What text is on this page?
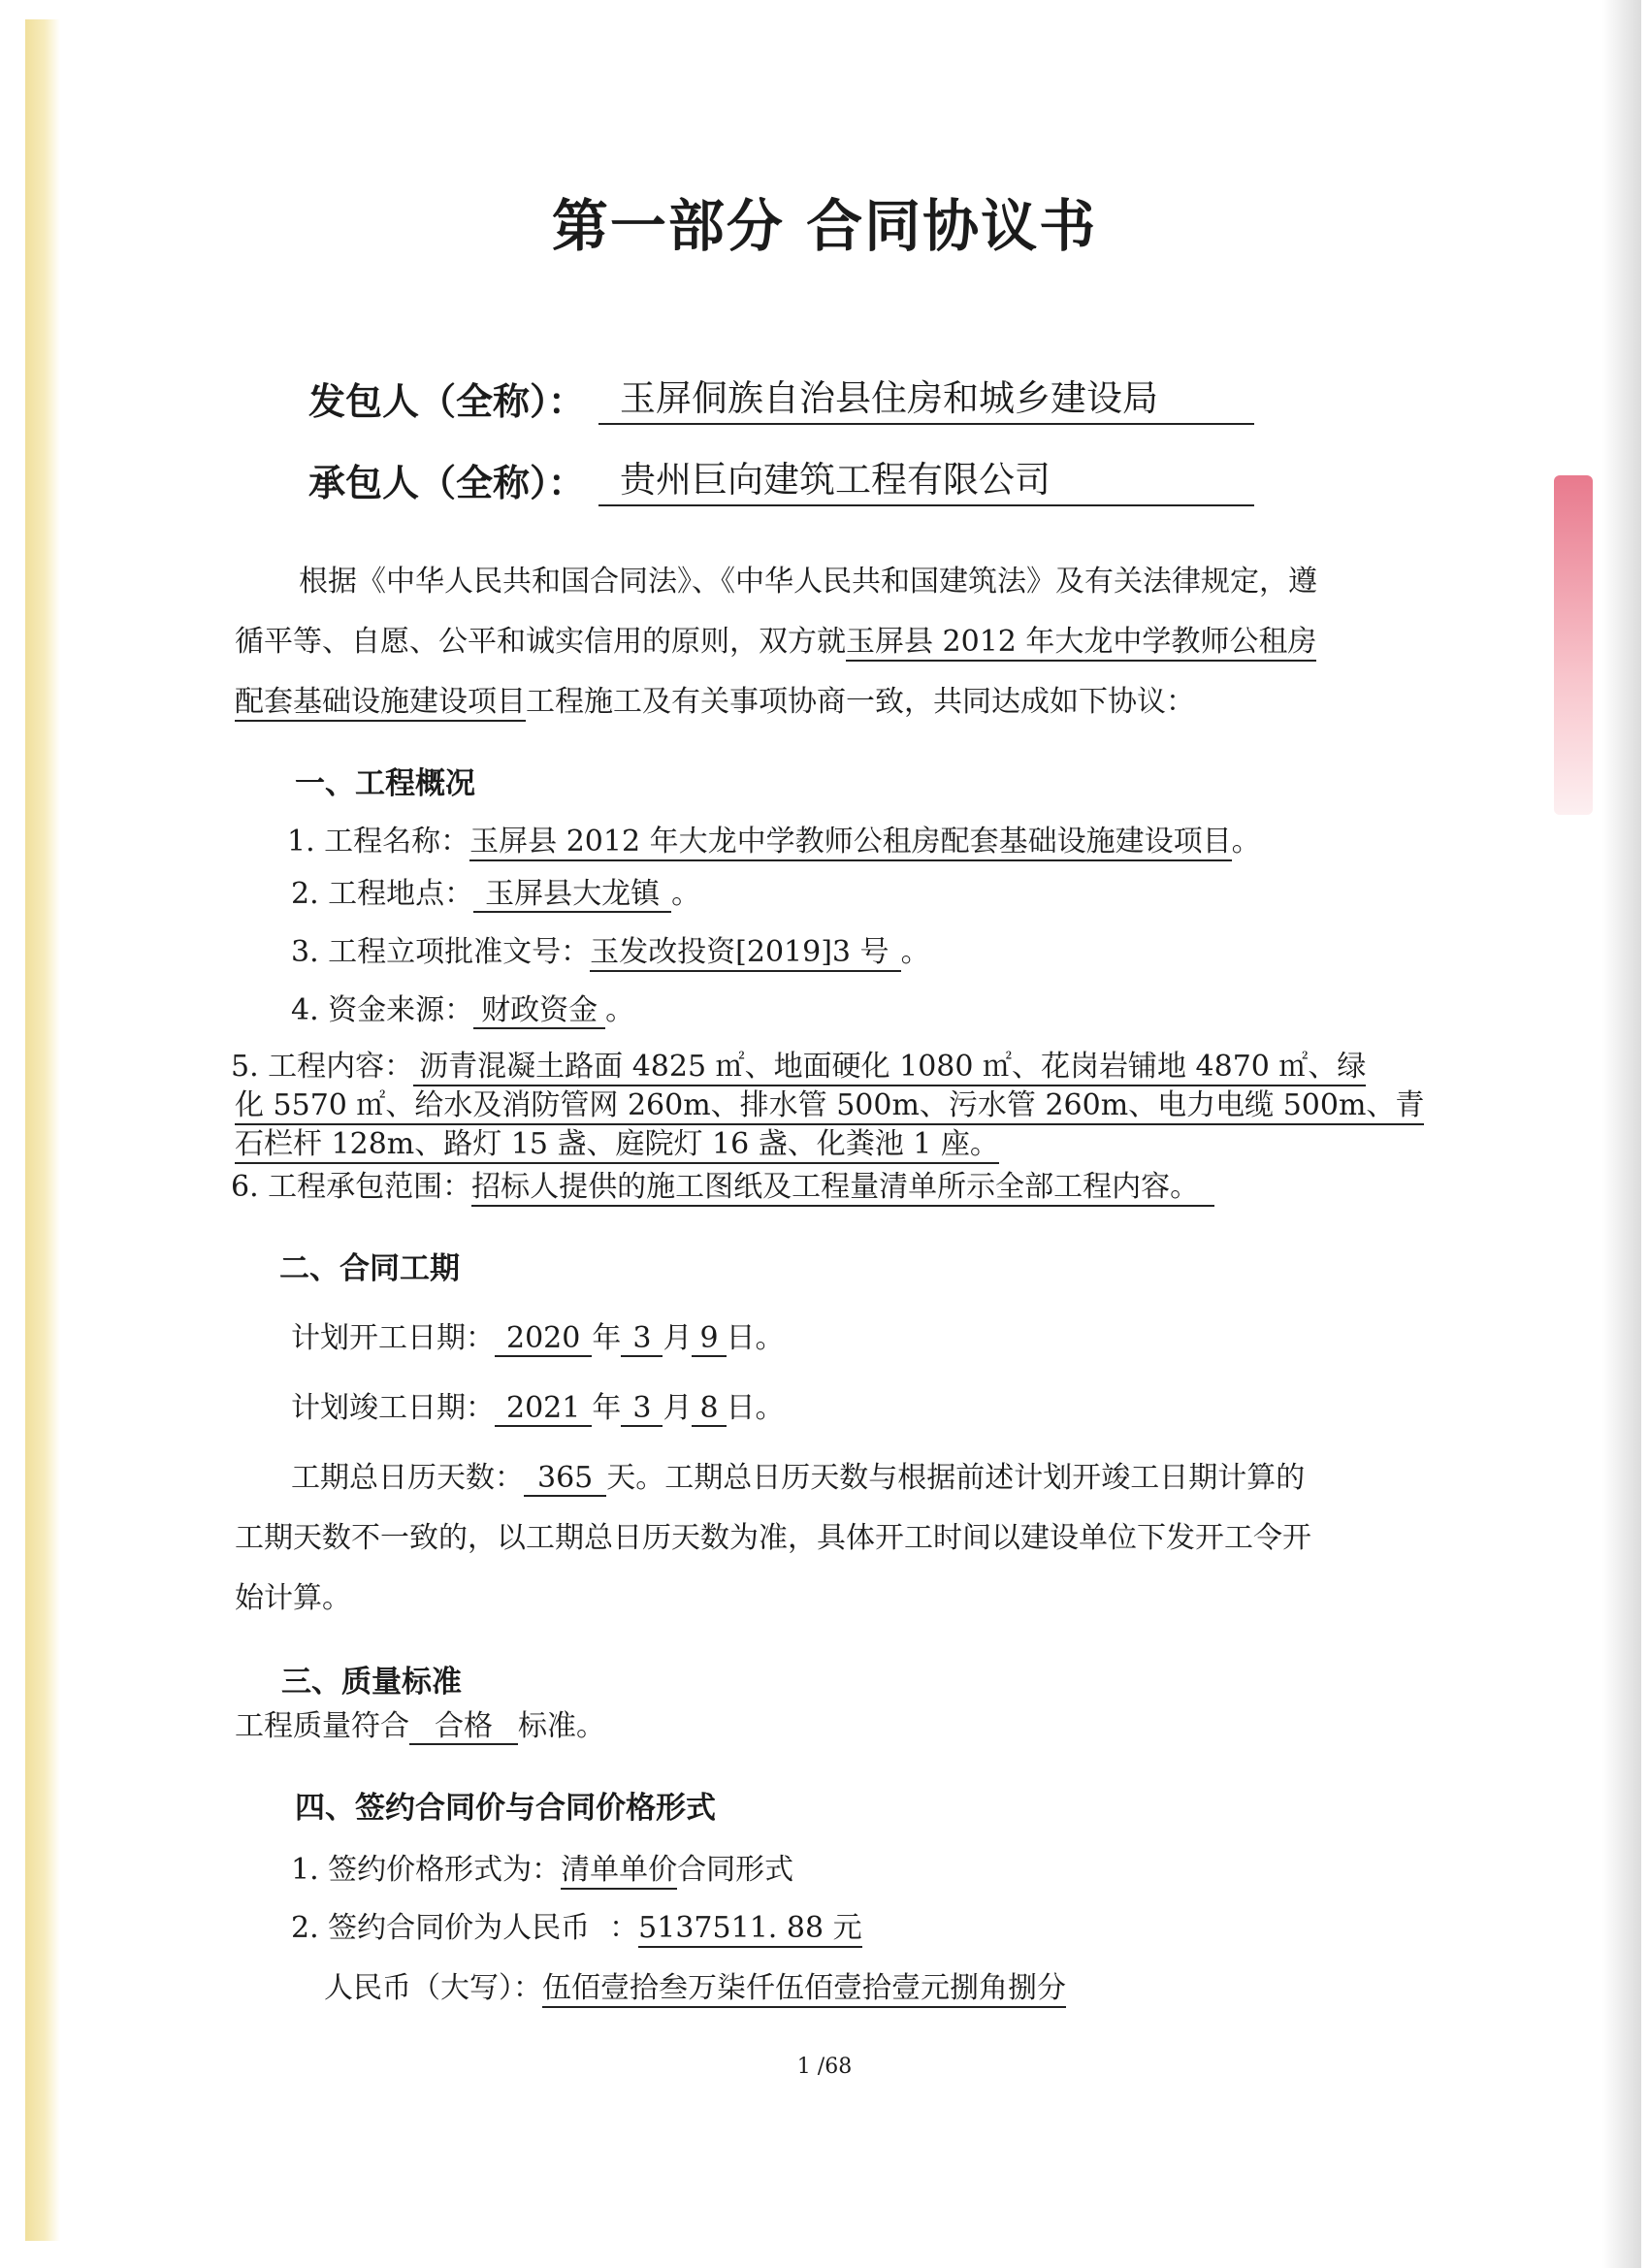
第一部分 合同协议书
发包人（全称）： 玉屏侗族自治县住房和城乡建设局
承包人（全称）： 贵州巨向建筑工程有限公司
根据《中华人民共和国合同法》、《中华人民共和国建筑法》及有关法律规定，遵
循平等、自愿、公平和诚实信用的原则，双方就玉屏县 2012 年大龙中学教师公租房
配套基础设施建设项目工程施工及有关事项协商一致，共同达成如下协议：
一、工程概况
1. 工程名称：玉屏县 2012 年大龙中学教师公租房配套基础设施建设项目。
2. 工程地点： 玉屏县大龙镇 。
3. 工程立项批准文号：玉发改投资[2019]3 号 。
4. 资金来源： 财政资金 。
5. 工程内容： 沥青混凝土路面 4825 ㎡、地面硬化 1080 ㎡、花岗岩铺地 4870 ㎡、绿
化 5570 ㎡、给水及消防管网 260m、排水管 500m、污水管 260m、电力电缆 500m、青
石栏杆 128m、路灯 15 盏、庭院灯 16 盏、化粪池 1 座。
6. 工程承包范围：招标人提供的施工图纸及工程量清单所示全部工程内容。
二、合同工期
计划开工日期： 2020 年 3 月 9 日。
计划竣工日期： 2021 年 3 月 8 日。
工期总日历天数： 365 天。工期总日历天数与根据前述计划开竣工日期计算的
工期天数不一致的，以工期总日历天数为准，具体开工时间以建设单位下发开工令开
始计算。
三、质量标准
工程质量符合 合格 标准。
四、签约合同价与合同价格形式
1. 签约价格形式为：清单单价合同形式
2. 签约合同价为人民币 ：5137511. 88 元
人民币（大写）：伍佰壹拾叁万柒仟伍佰壹拾壹元捌角捌分
1 /68
